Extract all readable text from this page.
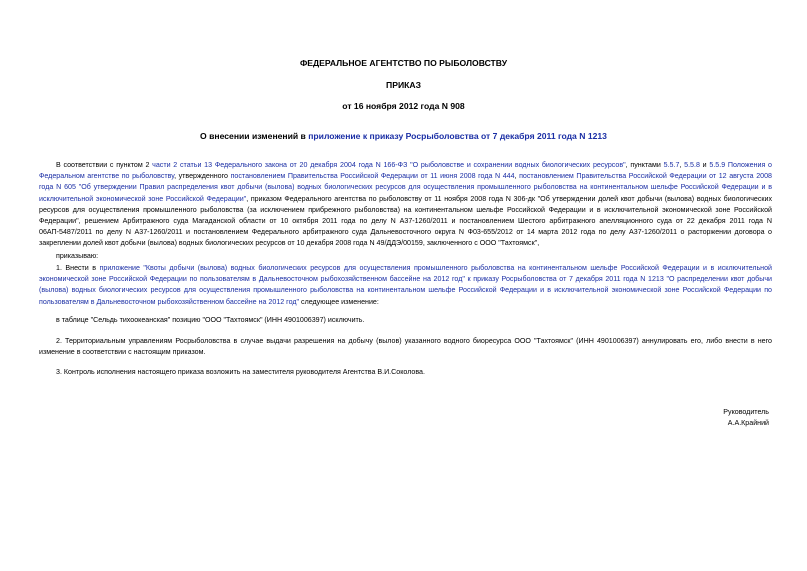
ФЕДЕРАЛЬНОЕ АГЕНТСТВО ПО РЫБОЛОВСТВУ
ПРИКАЗ
от 16 ноября 2012 года N 908
О внесении изменений в приложение к приказу Росрыболовства от 7 декабря 2011 года N 1213
В соответствии с пунктом 2 части 2 статьи 13 Федерального закона от 20 декабря 2004 года N 166-ФЗ "О рыболовстве и сохранении водных биологических ресурсов", пунктами 5.5.7, 5.5.8 и 5.5.9 Положения о Федеральном агентстве по рыболовству, утвержденного постановлением Правительства Российской Федерации от 11 июня 2008 года N 444, постановлением Правительства Российской Федерации от 12 августа 2008 года N 605 "Об утверждении Правил распределения квот добычи (вылова) водных биологических ресурсов для осуществления промышленного рыболовства на континентальном шельфе Российской Федерации и в исключительной экономической зоне Российской Федерации", приказом Федерального агентства по рыболовству от 11 ноября 2008 года N 306-дк "Об утверждении долей квот добычи (вылова) водных биологических ресурсов для осуществления промышленного рыболовства (за исключением прибрежного рыболовства) на континентальном шельфе Российской Федерации и в исключительной экономической зоне Российской Федерации", решением Арбитражного суда Магаданской области от 10 октября 2011 года по делу N А37-1260/2011 и постановлением Шестого арбитражного апелляционного суда от 22 декабря 2011 года N 06АП-5487/2011 по делу N А37-1260/2011 и постановлением Федерального арбитражного суда Дальневосточного округа N Ф03-655/2012 от 14 марта 2012 года по делу А37-1260/2011 о расторжении договора о закреплении долей квот добычи (вылова) водных биологических ресурсов от 10 декабря 2008 года N 49/ДДЭ/00159, заключенного с ООО "Тахтоямск",
приказываю:
1. Внести в приложение "Квоты добычи (вылова) водных биологических ресурсов для осуществления промышленного рыболовства на континентальном шельфе Российской Федерации и в исключительной экономической зоне Российской Федерации по пользователям в Дальневосточном рыбохозяйственном бассейне на 2012 год" к приказу Росрыболовства от 7 декабря 2011 года N 1213 "О распределении квот добычи (вылова) водных биологических ресурсов для осуществления промышленного рыболовства на континентальном шельфе Российской Федерации и в исключительной экономической зоне Российской Федерации по пользователям в Дальневосточном рыбохозяйственном бассейне на 2012 год" следующее изменение:
в таблице "Сельдь тихоокеанская" позицию "ООО "Тахтоямск" (ИНН 4901006397) исключить.
2. Территориальным управлениям Росрыболовства в случае выдачи разрешения на добычу (вылов) указанного водного биоресурса ООО "Тахтоямск" (ИНН 4901006397) аннулировать его, либо внести в него изменение в соответствии с настоящим приказом.
3. Контроль исполнения настоящего приказа возложить на заместителя руководителя Агентства В.И.Соколова.
Руководитель
А.А.Крайний
